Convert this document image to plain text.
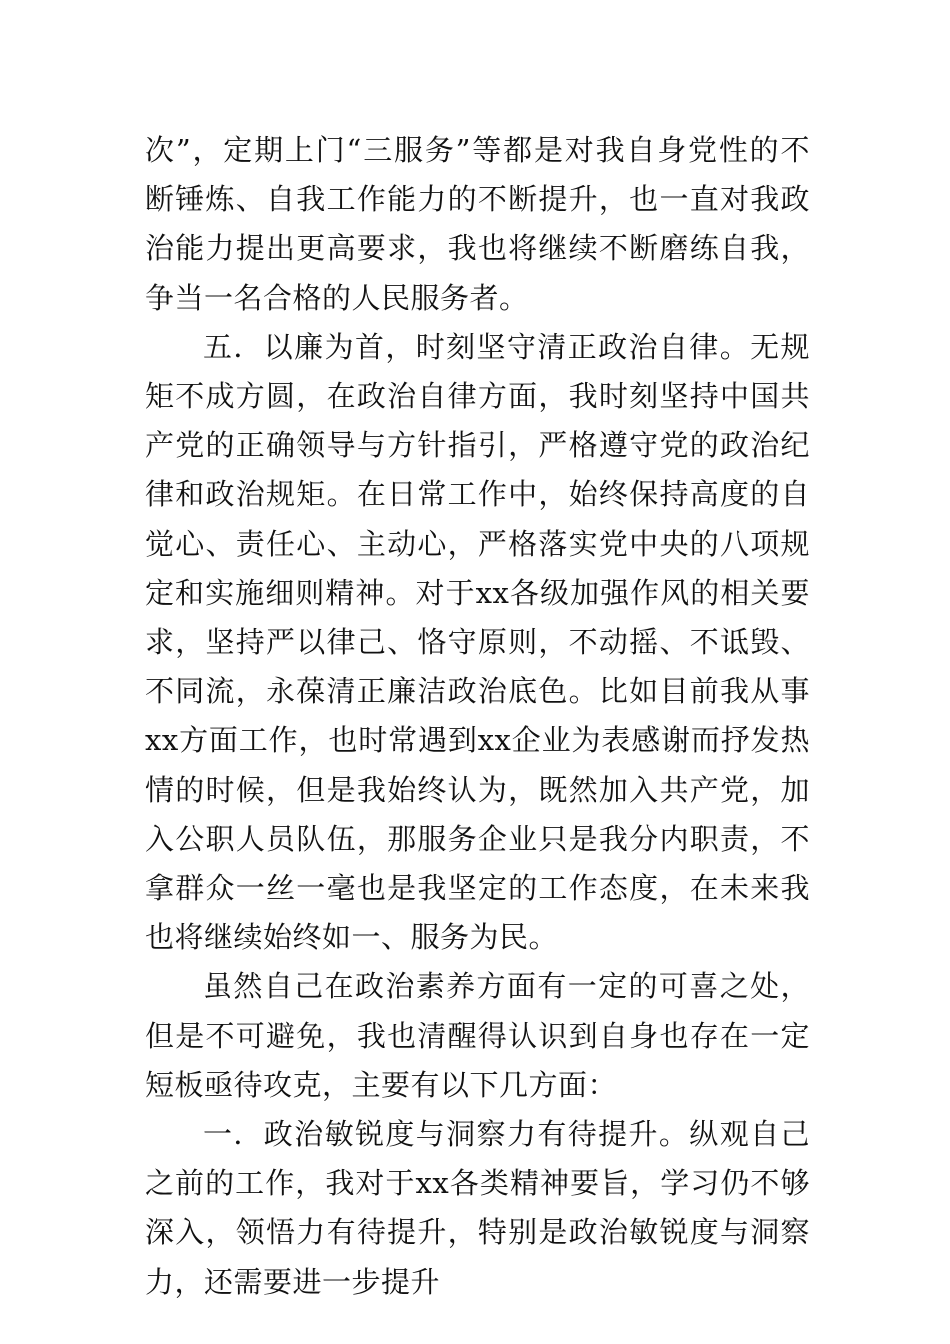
次”，定期上门“三服务”等都是对我自身党性的不断锤炼、自我工作能力的不断提升，也一直对我政治能力提出更高要求，我也将继续不断磨练自我，争当一名合格的人民服务者。

五．以廉为首，时刻坚守清正政治自律。无规矩不成方圆，在政治自律方面，我时刻坚持中国共产党的正确领导与方针指引，严格遵守党的政治纪律和政治规矩。在日常工作中，始终保持高度的自觉心、责任心、主动心，严格落实党中央的八项规定和实施细则精神。对于xx各级加强作风的相关要求，坚持严以律己、恪守原则，不动摇、不诋毁、不同流，永葆清正廉洁政治底色。比如目前我从事xx方面工作，也时常遇到xx企业为表感谢而抒发热情的时候，但是我始终认为，既然加入共产党，加入公职人员队伍，那服务企业只是我分内职责，不拿群众一丝一毫也是我坚定的工作态度，在未来我也将继续始终如一、服务为民。

虽然自己在政治素养方面有一定的可喜之处，但是不可避免，我也清醒得认识到自身也存在一定短板亟待攻克，主要有以下几方面：

一．政治敏锐度与洞察力有待提升。纵观自己之前的工作，我对于xx各类精神要旨，学习仍不够深入，领悟力有待提升，特别是政治敏锐度与洞察力，还需要进一步提升
